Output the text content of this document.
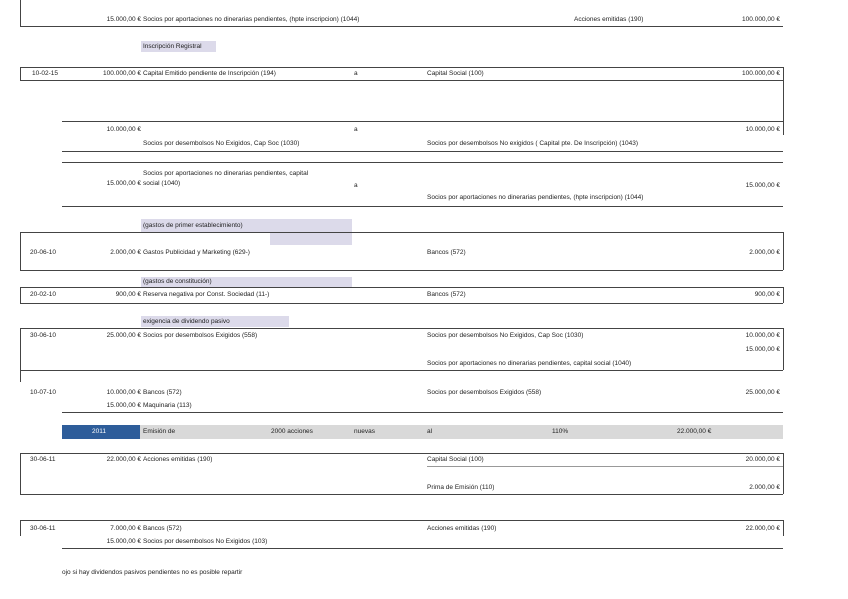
15.000,00 € Socios por aportaciones no dinerarias pendientes, (hpte inscripcion) (1044)	Acciones emitidas (190)	100.000,00 €
Inscripción Registral
10-02-15	100.000,00 € Capital Emitido pendiente de Inscripción (194)	a	Capital Social (100)	100.000,00 €
10.000,00 €	a	10.000,00 €
Socios por desembolsos No Exigidos, Cap Soc (1030)	Socios por desembolsos No exigidos ( Capital pte. De Inscripción) (1043)
Socios por aportaciones no dinerarias pendientes, capital
15.000,00 € social (1040)	a	15.000,00 €
Socios por aportaciones no dinerarias pendientes, (hpte inscripcion) (1044)
(gastos de primer establecimiento)
20-06-10	2.000,00 € Gastos Publicidad y Marketing (629-)	Bancos (572)	2.000,00 €
(gastos de constitución)
20-02-10	900,00 € Reserva negativa por Const. Sociedad (11-)	Bancos (572)	900,00 €
exigencia de dividendo pasivo
30-06-10	25.000,00 € Socios por desembolsos Exigidos (558)	Socios por desembolsos No Exigidos, Cap Soc (1030)	10.000,00 €
15.000,00 €
Socios por aportaciones no dinerarias pendientes, capital social (1040)
10-07-10	10.000,00 € Bancos (572)	Socios por desembolsos Exigidos (558)	25.000,00 €
15.000,00 € Maquinaria (113)
2011	Emisión de	2000 acciones	nuevas	al	110%	22.000,00 €
30-06-11	22.000,00 € Acciones emitidas (190)	Capital Social (100)	20.000,00 €
Prima de Emisión (110)	2.000,00 €
30-06-11	7.000,00 € Bancos (572)	Acciones emitidas (190)	22.000,00 €
15.000,00 € Socios por desembolsos No Exigidos (103)
ojo si hay dividendos pasivos pendientes no es posible repartir
